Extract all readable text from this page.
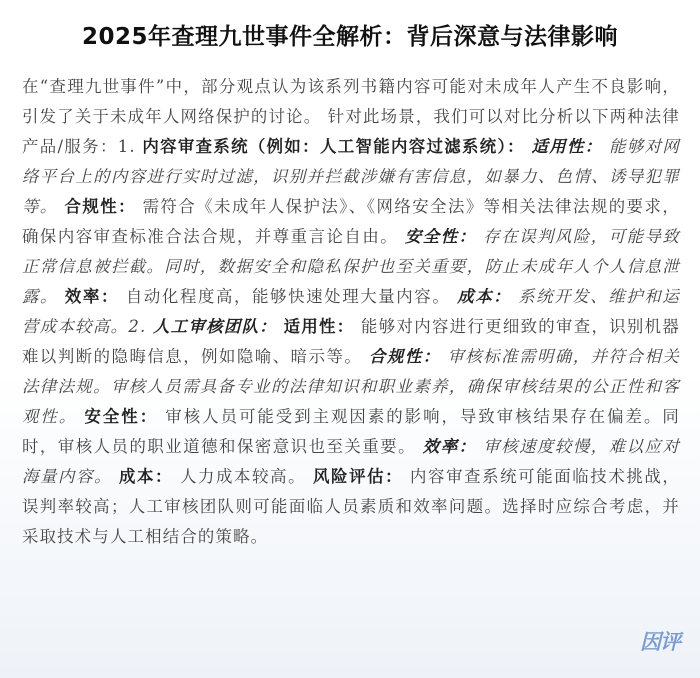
2025年查理九世事件全解析：背后深意与法律影响
在“查理九世事件”中，部分观点认为该系列书籍内容可能对未成年人产生不良影响，引发了关于未成年人网络保护的讨论。 针对此场景，我们可以对比分析以下两种法律产品/服务：1. 内容审查系统（例如：人工智能内容过滤系统）： 适用性： 能够对网络平台上的内容进行实时过滤，识别并拦截涉嫌有害信息，如暴力、色情、诱导犯罪等。 合规性： 需符合《未成年人保护法》、《网络安全法》等相关法律法规的要求，确保内容审查标准合法合规，并尊重言论自由。 安全性： 存在误判风险，可能导致正常信息被拦截。同时，数据安全和隐私保护也至关重要，防止未成年人个人信息泄露。 效率： 自动化程度高，能够快速处理大量内容。 成本： 系统开发、维护和运营成本较高。2. 人工审核团队： 适用性： 能够对内容进行更细致的审查，识别机器难以判断的隐晦信息，例如隐喻、暗示等。 合规性： 审核标准需明确，并符合相关法律法规。审核人员需具备专业的法律知识和职业素养，确保审核结果的公正性和客观性。 安全性： 审核人员可能受到主观因素的影响，导致审核结果存在偏差。同时，审核人员的职业道德和保密意识也至关重要。 效率： 审核速度较慢，难以应对海量内容。 成本： 人力成本较高。 风险评估： 内容审查系统可能面临技术挑战，误判率较高；人工审核团队则可能面临人员素质和效率问题。选择时应综合考虑，并采取技术与人工相结合的策略。
因评
